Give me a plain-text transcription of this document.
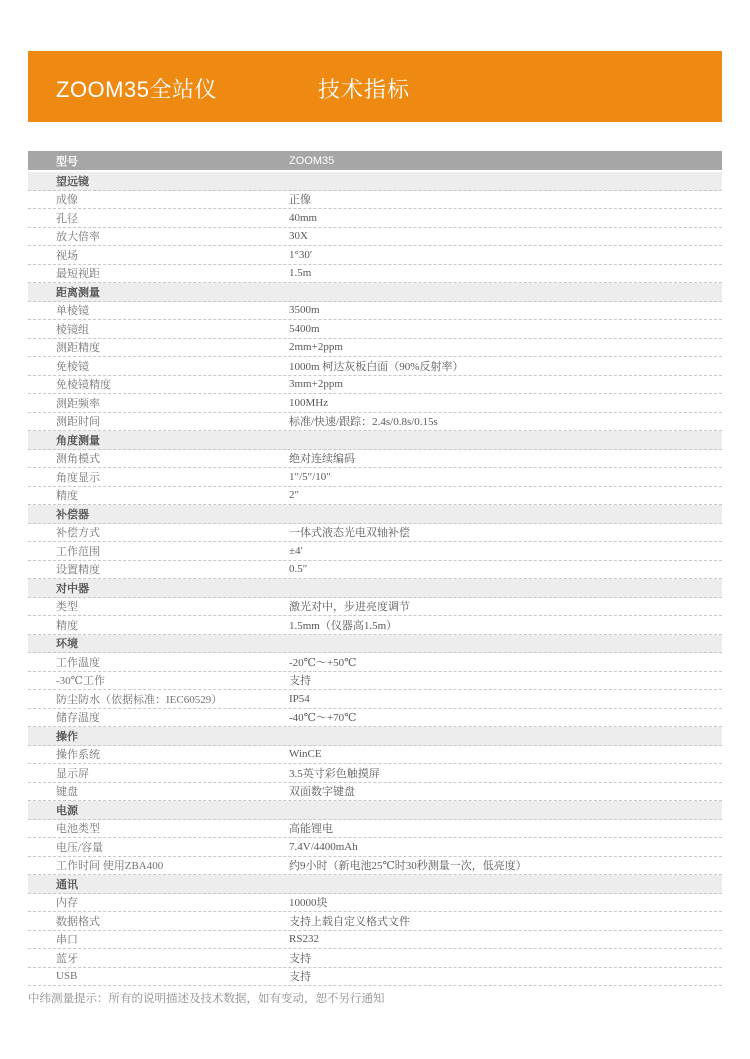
ZOOM35全站仪	技术指标
型号	ZOOM35
望远镜
成像	正像
孔径	40mm
放大倍率	30X
视场	1°30′
最短视距	1.5m
距离测量
单棱镜	3500m
棱镜组	5400m
测距精度	2mm+2ppm
免棱镜	1000m 柯达灰板白面（90%反射率）
免棱镜精度	3mm+2ppm
测距频率	100MHz
测距时间	标准/快速/跟踪：2.4s/0.8s/0.15s
角度测量
测角模式	绝对连续编码
角度显示	1″/5″/10″
精度	2″
补偿器
补偿方式	一体式液态光电双轴补偿
工作范围	±4′
设置精度	0.5″
对中器
类型	激光对中，步进亮度调节
精度	1.5mm（仪器高1.5m）
环境
工作温度	-20℃～+50℃
-30℃工作	支持
防尘防水（依据标准：IEC60529）	IP54
储存温度	-40℃～+70℃
操作
操作系统	WinCE
显示屏	3.5英寸彩色触摸屏
键盘	双面数字键盘
电源
电池类型	高能锂电
电压/容量	7.4V/4400mAh
工作时间 使用ZBA400	约9小时（新电池25℃时30秒测量一次，低亮度）
通讯
内存	10000块
数据格式	支持上载自定义格式文件
串口	RS232
蓝牙	支持
USB	支持
中纬测量提示：所有的说明描述及技术数据，如有变动，恕不另行通知
